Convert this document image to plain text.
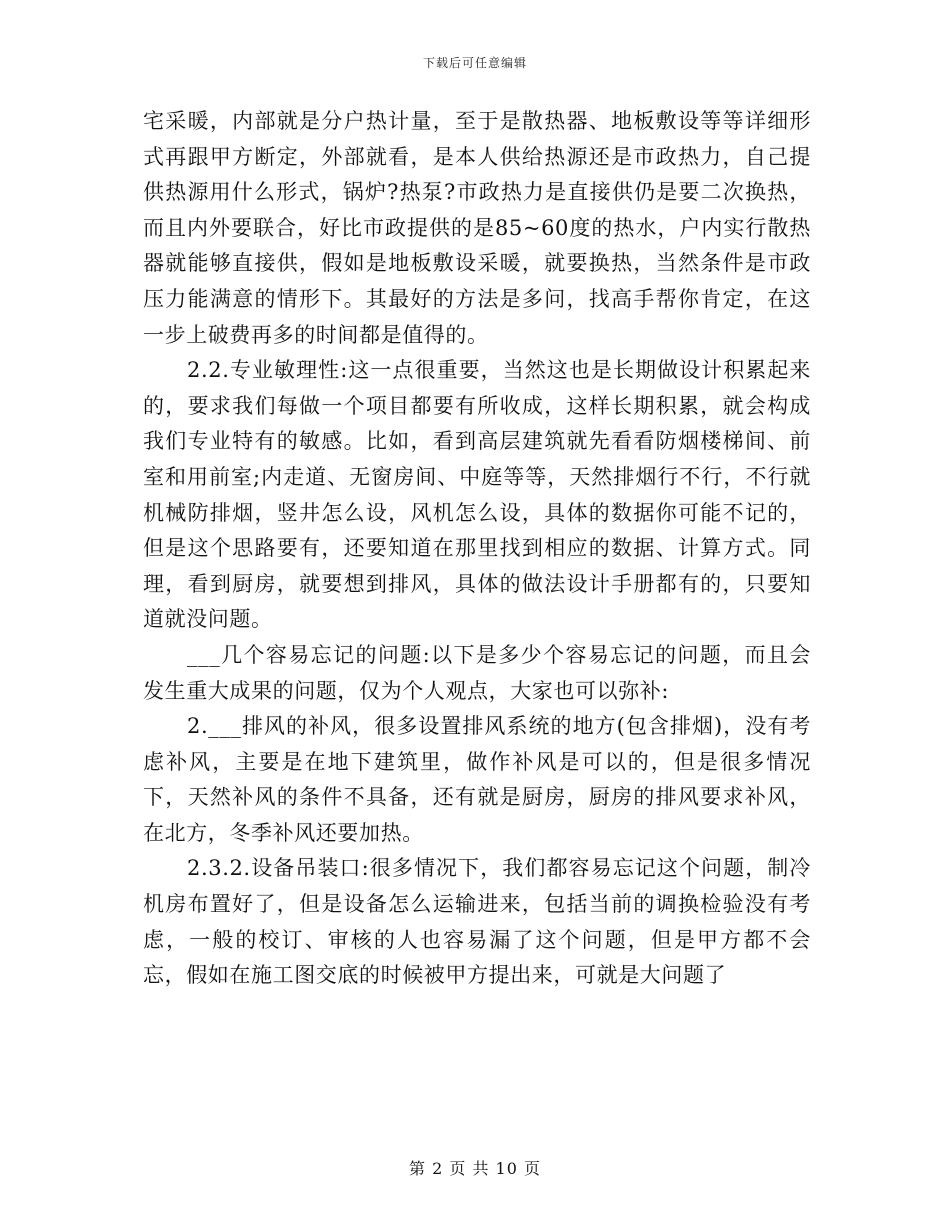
下载后可任意编辑

宅采暖，内部就是分户热计量，至于是散热器、地板敷设等等详细形式再跟甲方断定，外部就看，是本人供给热源还是市政热力，自己提供热源用什么形式，锅炉?热泵?市政热力是直接供仍是要二次换热，而且内外要联合，好比市政提供的是85~60度的热水，户内实行散热器就能够直接供，假如是地板敷设采暖，就要换热，当然条件是市政压力能满意的情形下。其最好的方法是多问，找高手帮你肯定，在这一步上破费再多的时间都是值得的。

2.2.专业敏理性:这一点很重要，当然这也是长期做设计积累起来的，要求我们每做一个项目都要有所收成，这样长期积累，就会构成我们专业特有的敏感。比如，看到高层建筑就先看看防烟楼梯间、前室和用前室;内走道、无窗房间、中庭等等，天然排烟行不行，不行就机械防排烟，竖井怎么设，风机怎么设，具体的数据你可能不记的，但是这个思路要有，还要知道在那里找到相应的数据、计算方式。同理，看到厨房，就要想到排风，具体的做法设计手册都有的，只要知道就没问题。

___几个容易忘记的问题:以下是多少个容易忘记的问题，而且会发生重大成果的问题，仅为个人观点，大家也可以弥补:

2.___排风的补风，很多设置排风系统的地方(包含排烟)，没有考虑补风，主要是在地下建筑里，做作补风是可以的，但是很多情况下，天然补风的条件不具备，还有就是厨房，厨房的排风要求补风，在北方，冬季补风还要加热。

2.3.2.设备吊装口:很多情况下，我们都容易忘记这个问题，制冷机房布置好了，但是设备怎么运输进来，包括当前的调换检验没有考虑，一般的校订、审核的人也容易漏了这个问题，但是甲方都不会忘，假如在施工图交底的时候被甲方提出来，可就是大问题了

第 2 页 共 10 页
